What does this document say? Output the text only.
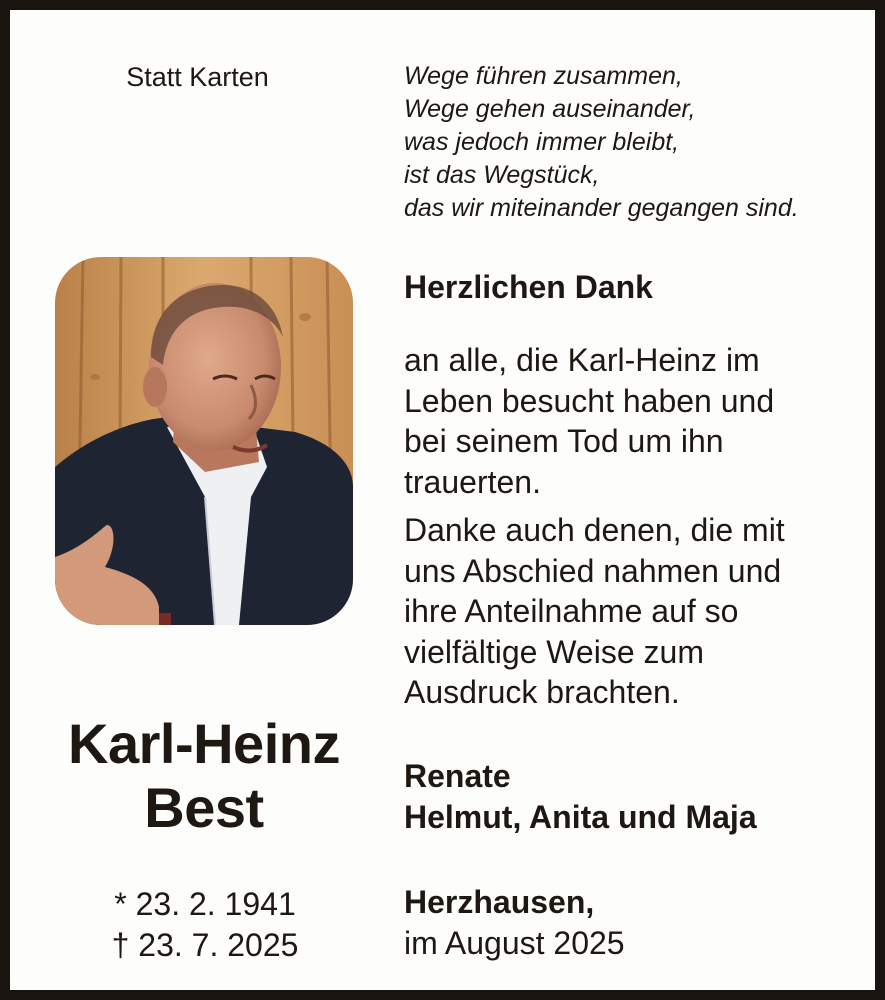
Statt Karten	Wege führen zusammen,
Wege gehen auseinander,
was jedoch immer bleibt,
ist das Wegstück,
das wir miteinander gegangen sind.
Karl-Heinz
Best
* 23. 2. 1941
† 23. 7. 2025
Herzlichen Dank
an alle, die Karl-Heinz im
Leben besucht haben und
bei seinem Tod um ihn
trauerten.
Danke auch denen, die mit
uns Abschied nahmen und
ihre Anteilnahme auf so
vielfältige Weise zum
Ausdruck brachten.
Renate
Helmut, Anita und Maja
Herzhausen,
im August 2025
